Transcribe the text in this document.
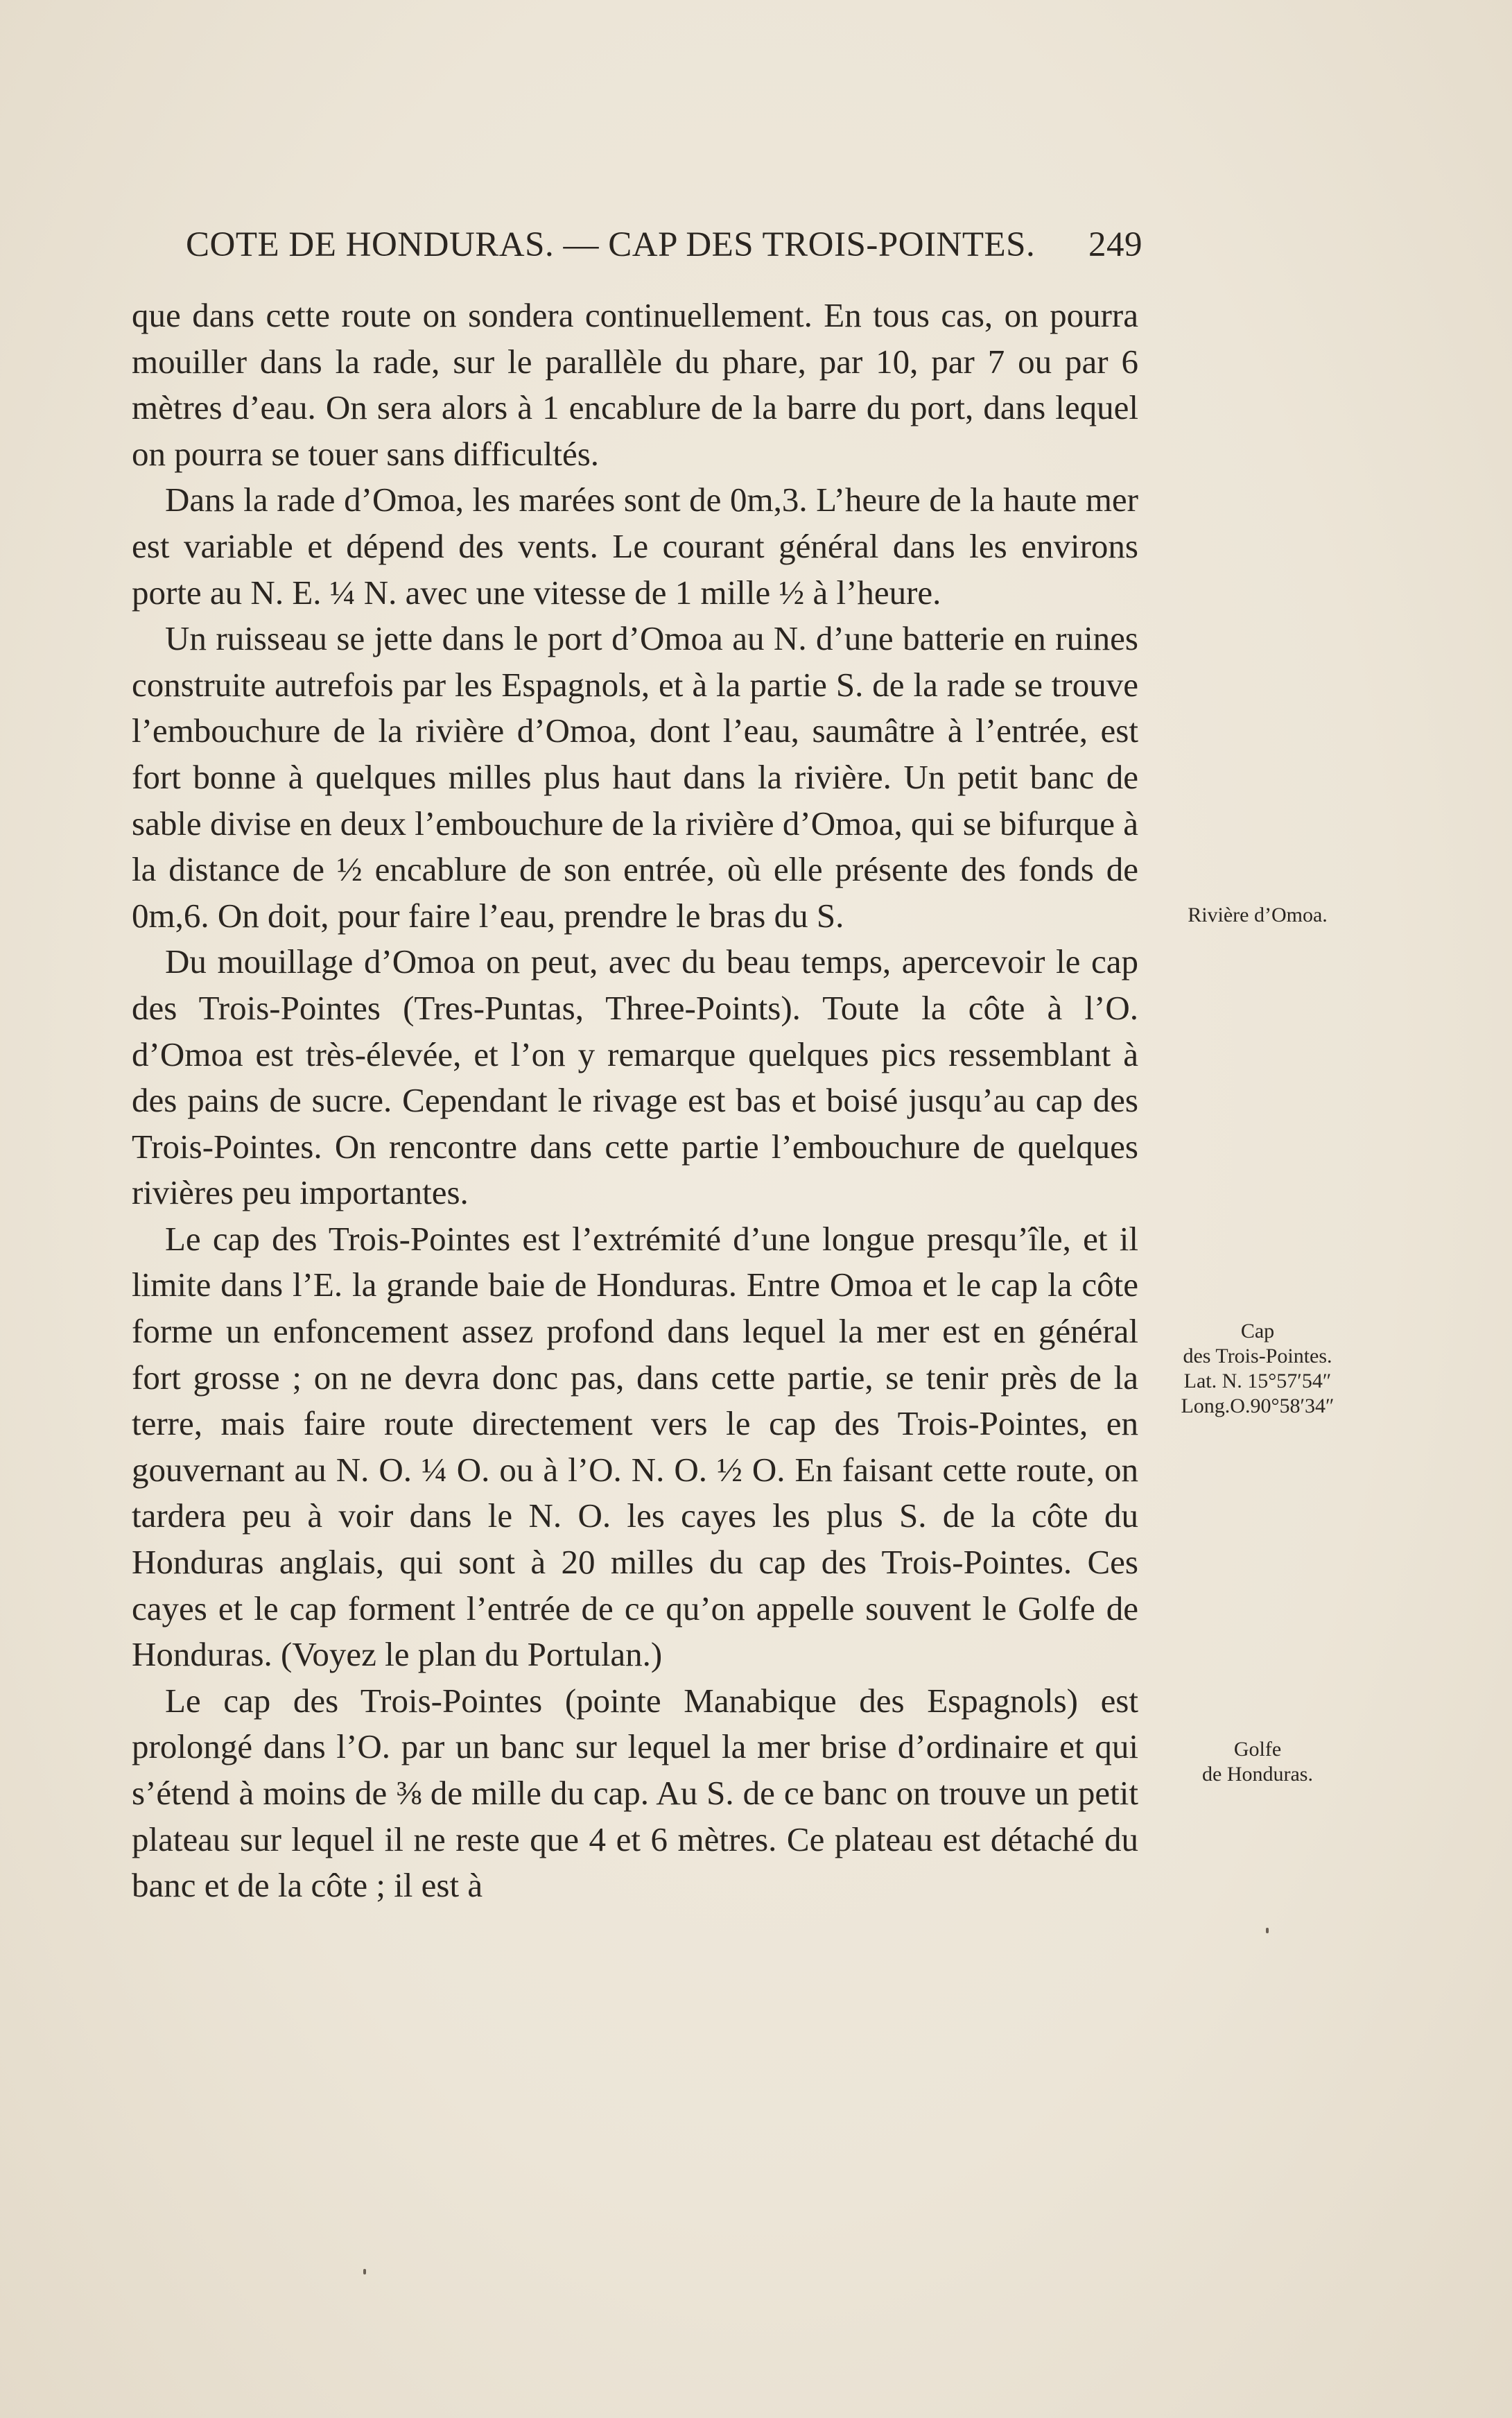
COTE DE HONDURAS. — CAP DES TROIS-POINTES. 249

que dans cette route on sondera continuellement. En tous cas, on pourra mouiller dans la rade, sur le parallèle du phare, par 10, par 7 ou par 6 mètres d’eau. On sera alors à 1 encablure de la barre du port, dans lequel on pourra se touer sans difficultés.

Dans la rade d’Omoa, les marées sont de 0m,3. L’heure de la haute mer est variable et dépend des vents. Le courant général dans les environs porte au N. E. ¼ N. avec une vitesse de 1 mille ½ à l’heure.

Un ruisseau se jette dans le port d’Omoa au N. d’une batterie en ruines construite autrefois par les Espagnols, et à la partie S. de la rade se trouve l’embouchure de la rivière d’Omoa, dont l’eau, saumâtre à l’entrée, est fort bonne à quelques milles plus haut dans la rivière. Un petit banc de sable divise en deux l’embouchure de la rivière d’Omoa, qui se bifurque à la distance de ½ encablure de son entrée, où elle présente des fonds de 0m,6. On doit, pour faire l’eau, prendre le bras du S.

Du mouillage d’Omoa on peut, avec du beau temps, apercevoir le cap des Trois-Pointes (Tres-Puntas, Three-Points). Toute la côte à l’O. d’Omoa est très-élevée, et l’on y remarque quelques pics ressemblant à des pains de sucre. Cependant le rivage est bas et boisé jusqu’au cap des Trois-Pointes. On rencontre dans cette partie l’embouchure de quelques rivières peu importantes.

Le cap des Trois-Pointes est l’extrémité d’une longue presqu’île, et il limite dans l’E. la grande baie de Honduras. Entre Omoa et le cap la côte forme un enfoncement assez profond dans lequel la mer est en général fort grosse ; on ne devra donc pas, dans cette partie, se tenir près de la terre, mais faire route directement vers le cap des Trois-Pointes, en gouvernant au N. O. ¼ O. ou à l’O. N. O. ½ O. En faisant cette route, on tardera peu à voir dans le N. O. les cayes les plus S. de la côte du Honduras anglais, qui sont à 20 milles du cap des Trois-Pointes. Ces cayes et le cap forment l’entrée de ce qu’on appelle souvent le Golfe de Honduras. (Voyez le plan du Portulan.)

Le cap des Trois-Pointes (pointe Manabique des Espagnols) est prolongé dans l’O. par un banc sur lequel la mer brise d’ordinaire et qui s’étend à moins de ⅜ de mille du cap. Au S. de ce banc on trouve un petit plateau sur lequel il ne reste que 4 et 6 mètres. Ce plateau est détaché du banc et de la côte ; il est à

Rivière d’Omoa.
Cap
des Trois-Pointes.
Lat. N. 15°57′54″
Long.O.90°58′34″
Golfe
de Honduras.
